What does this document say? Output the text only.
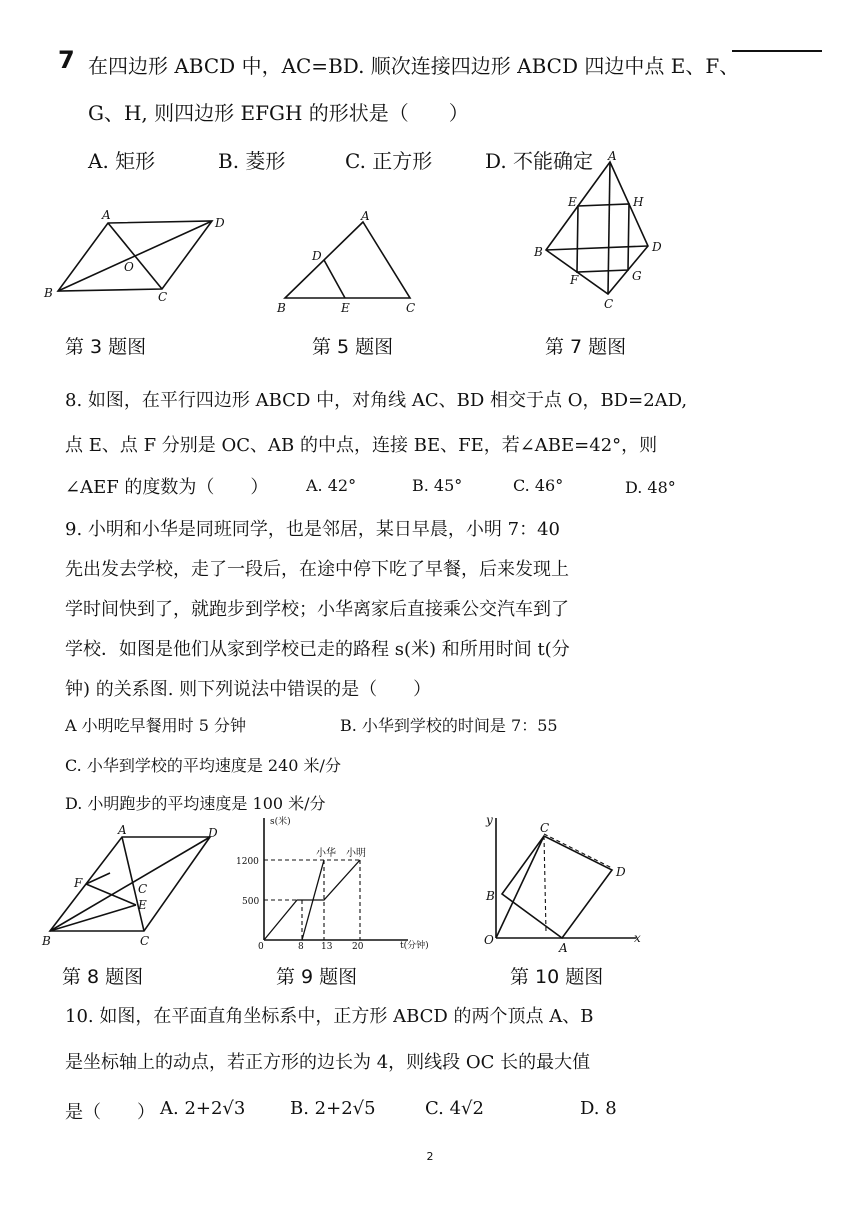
7 在四边形 ABCD 中，AC=BD. 顺次连接四边形 ABCD 四边中点 E、F、
G、H, 则四边形 EFGH 的形状是（　　）
A. 矩形	B. 菱形	C. 正方形	D. 不能确定
A
B	C
D
O
A
B	C
D
E
A
B
C
D
E
F	G
H
第 3 题图	第 5 题图	第 7 题图
8. 如图，在平行四边形 ABCD 中，对角线 AC、BD 相交于点 O，BD=2AD,
点 E、点 F 分别是 OC、AB 的中点，连接 BE、FE，若∠ABE=42°，则
∠AEF 的度数为（　　） A. 42°	B. 45°	C. 46°	D. 48°
9. 小明和小华是同班同学，也是邻居，某日早晨，小明 7：40
先出发去学校，走了一段后，在途中停下吃了早餐，后来发现上
学时间快到了，就跑步到学校；小华离家后直接乘公交汽车到了
学校．如图是他们从家到学校已走的路程 s(米) 和所用时间 t(分
钟) 的关系图. 则下列说法中错误的是（　　）
A 小明吃早餐用时 5 分钟	B. 小华到学校的时间是 7：55
C. 小华到学校的平均速度是 240 米/分
D. 小明跑步的平均速度是 100 米/分
A
B	C
D
E
F	C
s(米)
t(分钟)
1200
500
0	8 13 20
小华 小明
y
x
O
A
B
C
D
第 8 题图	第 9 题图	第 10 题图
10. 如图，在平面直角坐标系中，正方形 ABCD 的两个顶点 A、B
是坐标轴上的动点，若正方形的边长为 4，则线段 OC 长的最大值
是（　　） A. 2+2√3 B. 2+2√5	C. 4√2	D. 8
2
